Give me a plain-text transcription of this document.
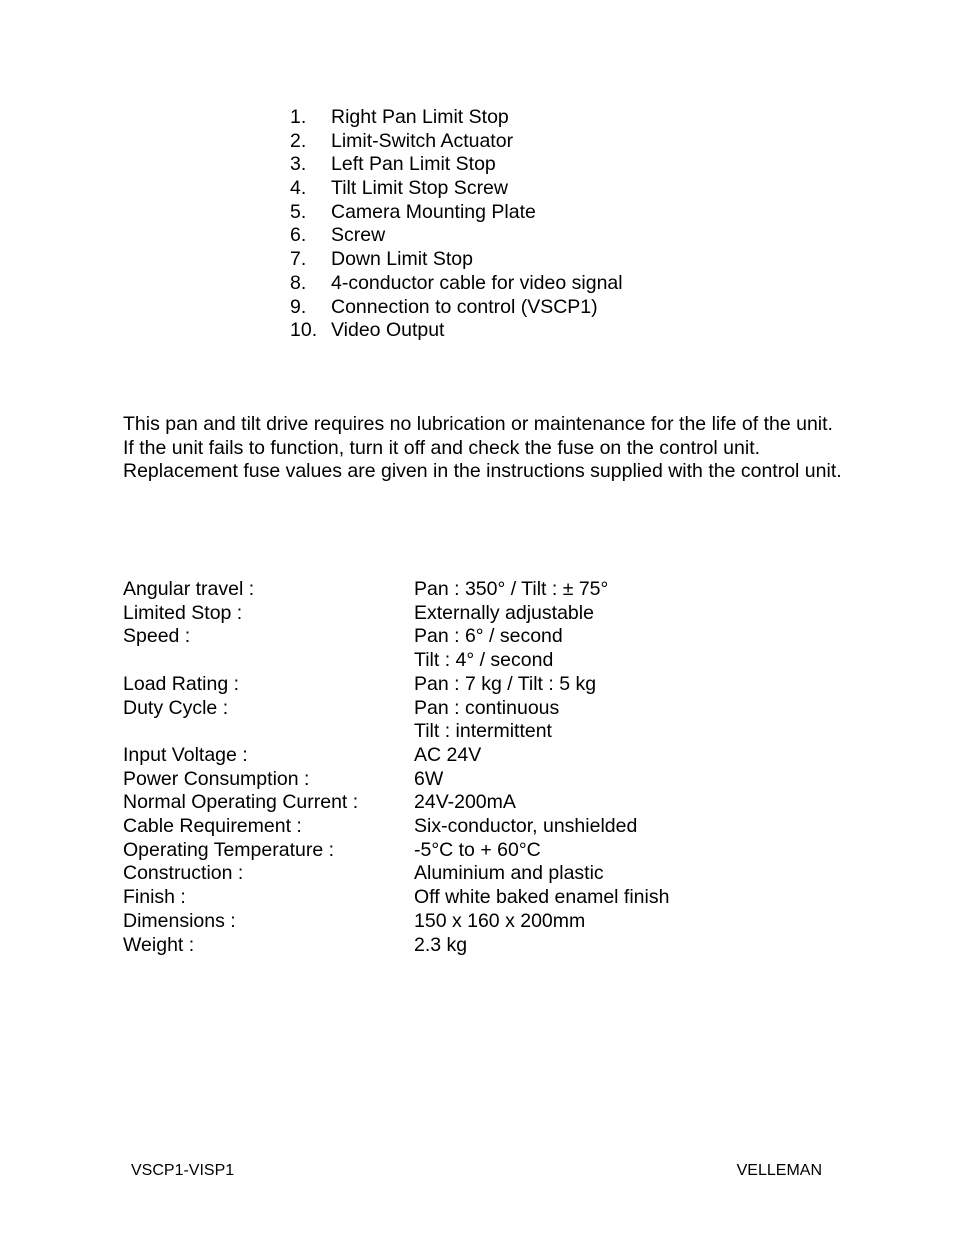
1.	Right Pan Limit Stop
2.	Limit-Switch Actuator
3.	Left Pan Limit Stop
4.	Tilt Limit Stop Screw
5.	Camera Mounting Plate
6.	Screw
7.	Down Limit Stop
8.	4-conductor cable for video signal
9.	Connection to control (VSCP1)
10. Video Output

This pan and tilt drive requires no lubrication or maintenance for the life of the unit. If the unit fails to function, turn it off and check the fuse on the control unit. Replacement fuse values are given in the instructions supplied with the control unit.

Angular travel :	Pan : 350° / Tilt : ± 75°
Limited Stop :	Externally adjustable
Speed :	Pan : 6° / second
Tilt : 4° / second
Load Rating :	Pan : 7 kg / Tilt : 5 kg
Duty Cycle :	Pan : continuous
Tilt : intermittent
Input Voltage :	AC 24V
Power Consumption :	6W
Normal Operating Current :	24V-200mA
Cable Requirement :	Six-conductor, unshielded
Operating Temperature :	-5°C to + 60°C
Construction :	Aluminium and plastic
Finish :	Off white baked enamel finish
Dimensions :	150 x 160 x 200mm
Weight :	2.3 kg
VSCP1-VISP1	VELLEMAN
